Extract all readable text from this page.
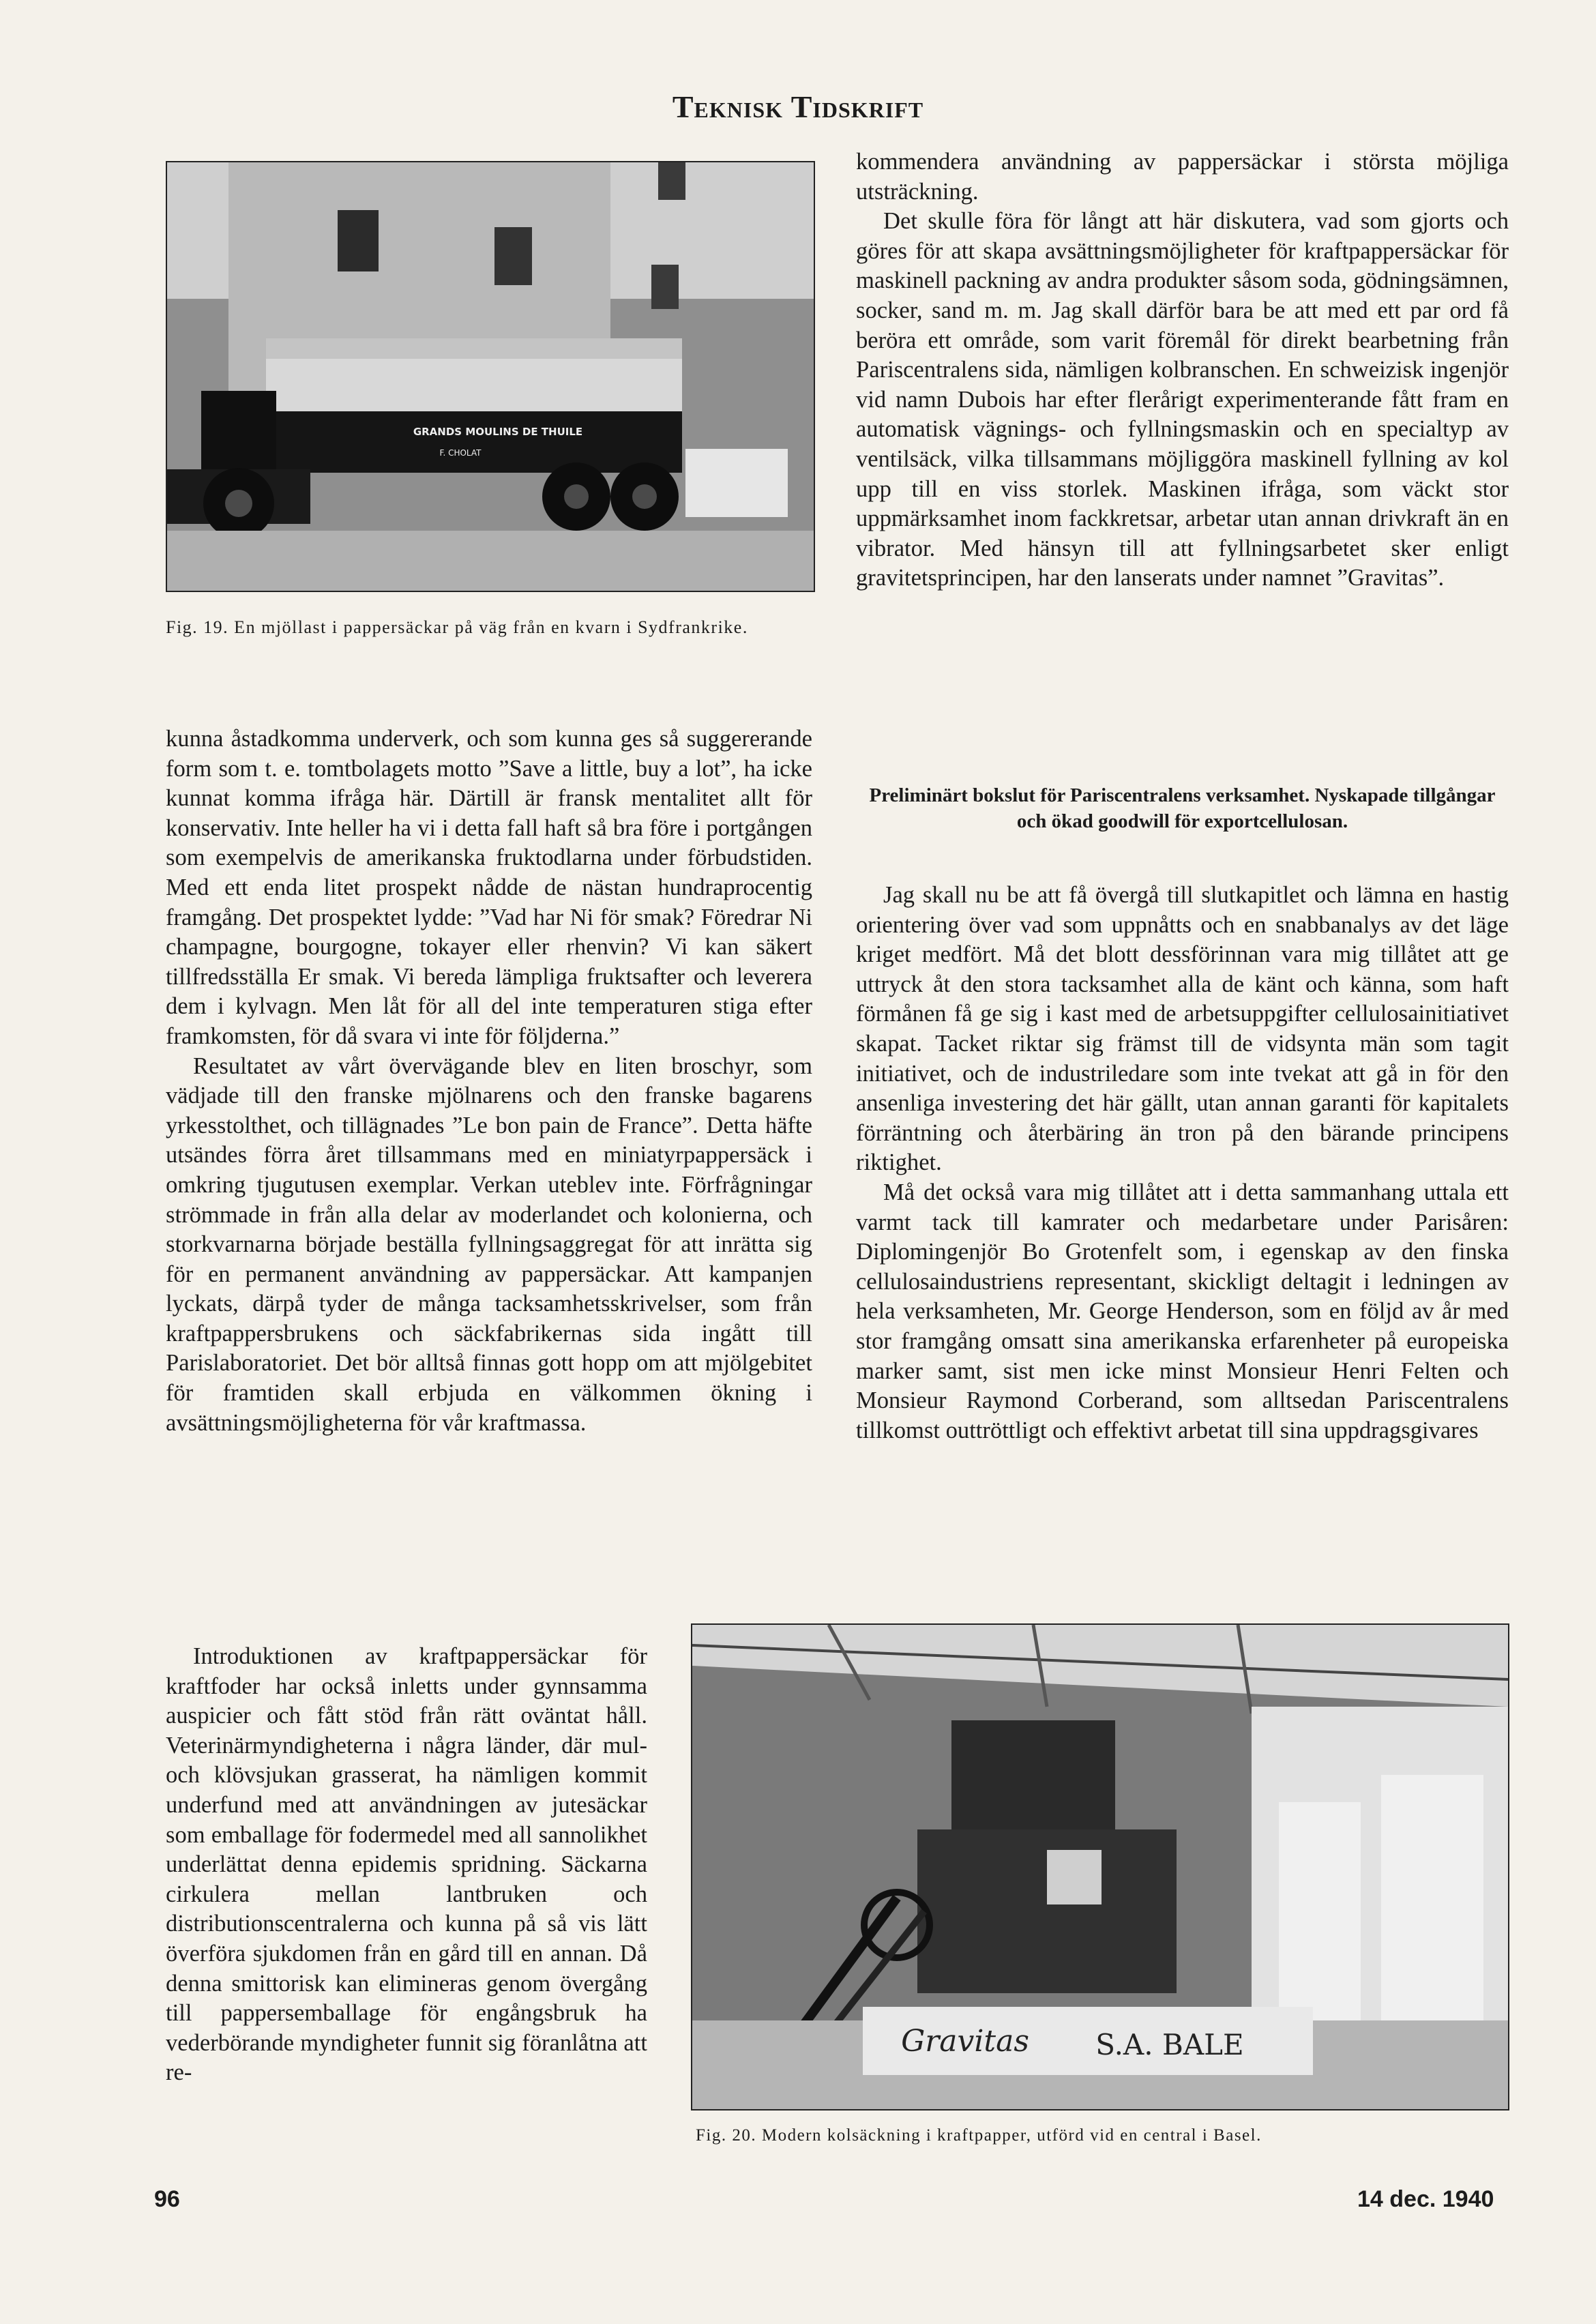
Teknisk Tidskrift
GRANDS MOULINS DE THUILE
F. CHOLAT
Fig. 19. En mjöllast i pappersäckar på väg från en kvarn i Sydfrankrike.

kunna åstadkomma underverk, och som kunna ges så suggererande form som t. e. tomtbolagets motto ”Save a little, buy a lot”, ha icke kunnat komma ifråga här. Därtill är fransk mentalitet allt för konservativ. Inte heller ha vi i detta fall haft så bra före i portgången som exempelvis de amerikanska fruktodlarna under förbudstiden. Med ett enda litet prospekt nådde de nästan hundraprocentig framgång. Det prospektet lydde: ”Vad har Ni för smak? Föredrar Ni champagne, bourgogne, tokayer eller rhenvin? Vi kan säkert tillfredsställa Er smak. Vi bereda lämpliga fruktsafter och leverera dem i kylvagn. Men låt för all del inte temperaturen stiga efter framkomsten, för då svara vi inte för följderna.”

Resultatet av vårt övervägande blev en liten broschyr, som vädjade till den franske mjölnarens och den franske bagarens yrkesstolthet, och tillägnades ”Le bon pain de France”. Detta häfte utsändes förra året tillsammans med en miniatyrpappersäck i omkring tjugutusen exemplar. Verkan uteblev inte. Förfrågningar strömmade in från alla delar av moderlandet och kolonierna, och storkvarnarna började beställa fyllningsaggregat för att inrätta sig för en permanent användning av pappersäckar. Att kampanjen lyckats, därpå tyder de många tacksamhetsskrivelser, som från kraftpappersbrukens och säckfabrikernas sida ingått till Parislaboratoriet. Det bör alltså finnas gott hopp om att mjölgebitet för framtiden skall erbjuda en välkommen ökning i avsättningsmöjligheterna för vår kraftmassa.

Introduktionen av kraftpappersäckar för kraftfoder har också inletts under gynnsamma auspicier och fått stöd från rätt oväntat håll. Veterinärmyndigheterna i några länder, där mul- och klövsjukan grasserat, ha nämligen kommit underfund med att användningen av jutesäckar som emballage för fodermedel med all sannolikhet underlättat denna epidemis spridning. Säckarna cirkulera mellan lantbruken och distributionscentralerna och kunna på så vis lätt överföra sjukdomen från en gård till en annan. Då denna smittorisk kan elimineras genom övergång till pappersemballage för engångsbruk ha vederbörande myndigheter funnit sig föranlåtna att re-

kommendera användning av pappersäckar i största möjliga utsträckning.

Det skulle föra för långt att här diskutera, vad som gjorts och göres för att skapa avsättningsmöjligheter för kraftpappersäckar för maskinell packning av andra produkter såsom soda, gödningsämnen, socker, sand m. m. Jag skall därför bara be att med ett par ord få beröra ett område, som varit föremål för direkt bearbetning från Pariscentralens sida, nämligen kolbranschen. En schweizisk ingenjör vid namn Dubois har efter flerårigt experimenterande fått fram en automatisk vägnings- och fyllningsmaskin och en specialtyp av ventilsäck, vilka tillsammans möjliggöra maskinell fyllning av kol upp till en viss storlek. Maskinen ifråga, som väckt stor uppmärksamhet inom fackkretsar, arbetar utan annan drivkraft än en vibrator. Med hänsyn till att fyllningsarbetet sker enligt gravitetsprincipen, har den lanserats under namnet ”Gravitas”.

Preliminärt bokslut för Pariscentralens verksamhet. Nyskapade tillgångar och ökad goodwill för exportcellulosan.

Jag skall nu be att få övergå till slutkapitlet och lämna en hastig orientering över vad som uppnåtts och en snabbanalys av det läge kriget medfört. Må det blott dessförinnan vara mig tillåtet att ge uttryck åt den stora tacksamhet alla de känt och känna, som haft förmånen få ge sig i kast med de arbetsuppgifter cellulosainitiativet skapat. Tacket riktar sig främst till de vidsynta män som tagit initiativet, och de industriledare som inte tvekat att gå in för den ansenliga investering det här gällt, utan annan garanti för kapitalets förräntning och återbäring än tron på den bärande principens riktighet.

Må det också vara mig tillåtet att i detta sammanhang uttala ett varmt tack till kamrater och medarbetare under Parisåren: Diplomingenjör Bo Grotenfelt som, i egenskap av den finska cellulosaindustriens representant, skickligt deltagit i ledningen av hela verksamheten, Mr. George Henderson, som en följd av år med stor framgång omsatt sina amerikanska erfarenheter på europeiska marker samt, sist men icke minst Monsieur Henri Felten och Monsieur Raymond Corberand, som alltsedan Pariscentralens tillkomst outtröttligt och effektivt arbetat till sina uppdragsgivares

Gravitas S.A. BALE
Fig. 20. Modern kolsäckning i kraftpapper, utförd vid en central i Basel.
96	14 dec. 1940
